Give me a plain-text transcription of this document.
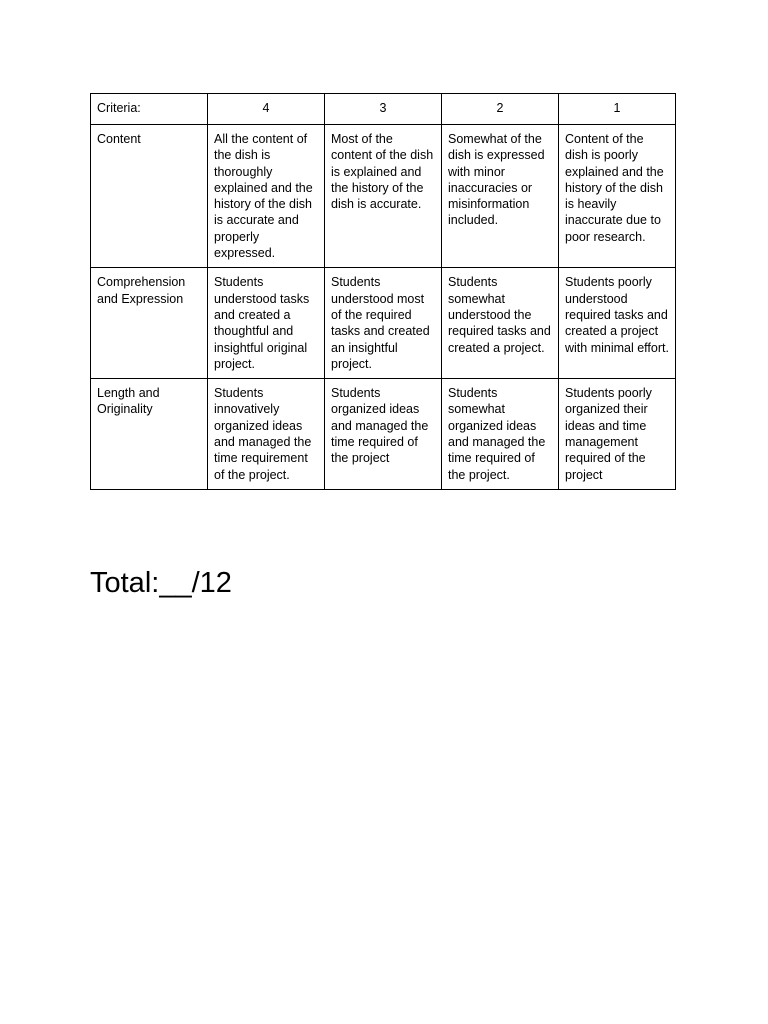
Criteria:	4	3	2	1
Content	All the content of the dish is thoroughly explained and the history of the dish is accurate and properly expressed.	Most of the content of the dish is explained and the history of the dish is accurate.	Somewhat of the dish is expressed with minor inaccuracies or misinformation included.	Content of the dish is poorly explained and the history of the dish is heavily inaccurate due to poor research.
Comprehension and Expression	Students understood tasks and created a thoughtful and insightful original project.	Students understood most of the required tasks and created an insightful project.	Students somewhat understood the required tasks and created a project.	Students poorly understood required tasks and created a project with minimal effort.
Length and Originality	Students innovatively organized ideas and managed the time requirement of the project.	Students organized ideas and managed the time required of the project	Students somewhat organized ideas and managed the time required of the project.	Students poorly organized their ideas and time management required of the project
Total:__/12
